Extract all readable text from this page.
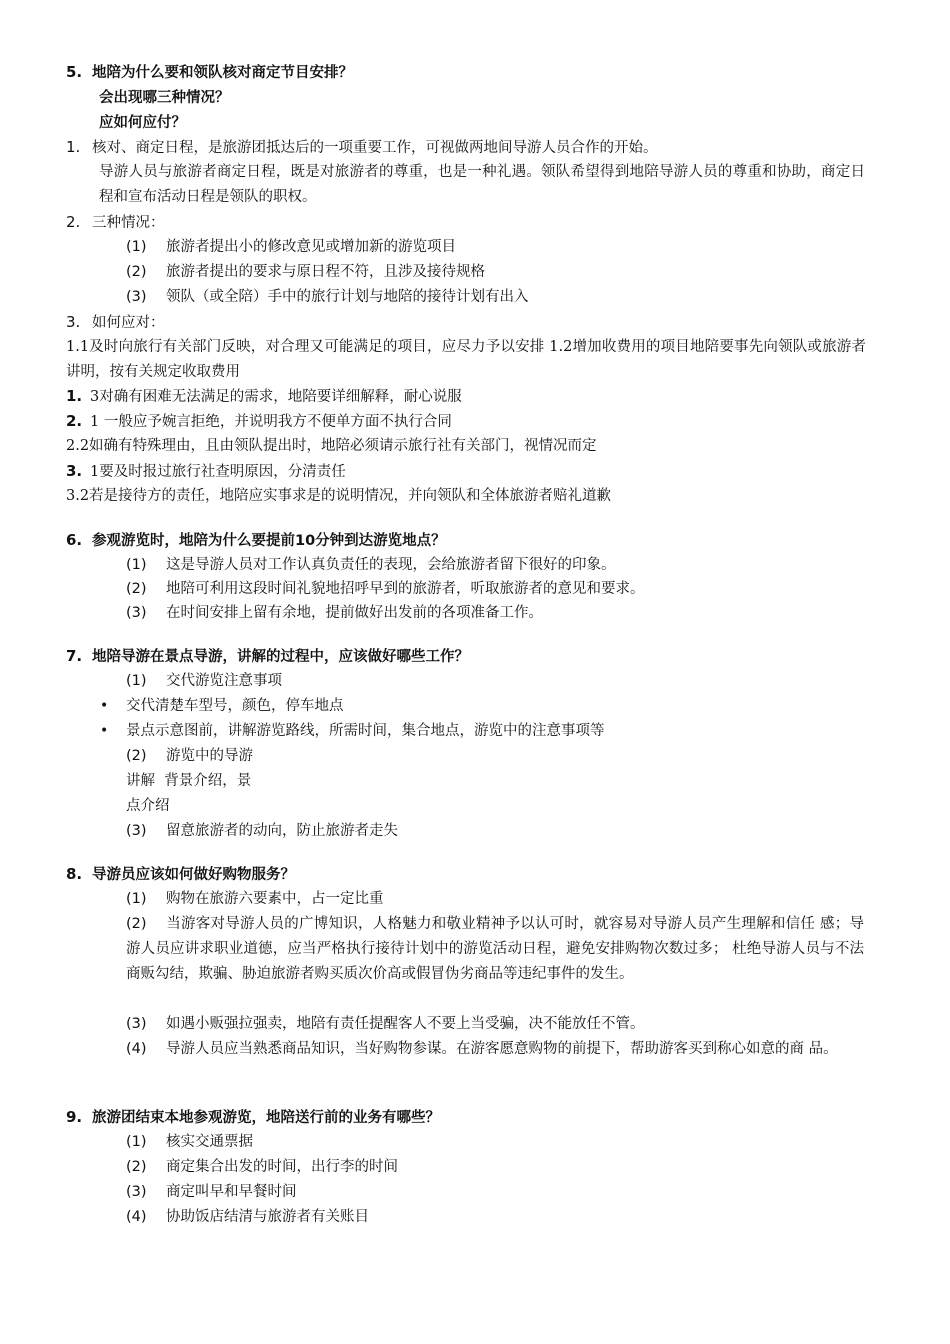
5. 地陪为什么要和领队核对商定节目安排？
会出现哪三种情况？
应如何应付？
1. 核对、商定日程，是旅游团抵达后的一项重要工作，可视做两地间导游人员合作的开始。
导游人员与旅游者商定日程，既是对旅游者的尊重，也是一种礼遇。领队希望得到地陪导游人员的尊重和协助，商定日程和宣布活动日程是领队的职权。
2. 三种情况：
(1) 旅游者提出小的修改意见或增加新的游览项目
(2) 旅游者提出的要求与原日程不符，且涉及接待规格
(3) 领队（或全陪）手中的旅行计划与地陪的接待计划有出入
3. 如何应对：
1.1及时向旅行有关部门反映，对合理又可能满足的项目，应尽力予以安排 1.2增加收费用的项目地陪要事先向领队或旅游者讲明，按有关规定收取费用
1. 3对确有困难无法满足的需求，地陪要详细解释，耐心说服
2. 1 一般应予婉言拒绝，并说明我方不便单方面不执行合同
2.2如确有特殊理由，且由领队提出时，地陪必须请示旅行社有关部门，视情况而定
3. 1要及时报过旅行社查明原因，分清责任
3.2若是接待方的责任，地陪应实事求是的说明情况，并向领队和全体旅游者赔礼道歉
6. 参观游览时，地陪为什么要提前10分钟到达游览地点？
(1) 这是导游人员对工作认真负责任的表现，会给旅游者留下很好的印象。
(2) 地陪可利用这段时间礼貌地招呼早到的旅游者，听取旅游者的意见和要求。
(3) 在时间安排上留有余地，提前做好出发前的各项准备工作。
7. 地陪导游在景点导游，讲解的过程中，应该做好哪些工作？
(1) 交代游览注意事项
• 交代清楚车型号，颜色，停车地点
• 景点示意图前，讲解游览路线，所需时间，集合地点，游览中的注意事项等
(2) 游览中的导游
讲解  背景介绍，景
点介绍
(3) 留意旅游者的动向，防止旅游者走失
8. 导游员应该如何做好购物服务？
(1) 购物在旅游六要素中，占一定比重
(2) 当游客对导游人员的广博知识，人格魅力和敬业精神予以认可时，就容易对导游人员产生理解和信任 感；导游人员应讲求职业道德，应当严格执行接待计划中的游览活动日程，避免安排购物次数过多； 杜绝导游人员与不法商贩勾结，欺骗、胁迫旅游者购买质次价高或假冒伪劣商品等违纪事件的发生。
(3) 如遇小贩强拉强卖，地陪有责任提醒客人不要上当受骗，决不能放任不管。
(4) 导游人员应当熟悉商品知识，当好购物参谋。在游客愿意购物的前提下，帮助游客买到称心如意的商 品。
9. 旅游团结束本地参观游览，地陪送行前的业务有哪些？
(1) 核实交通票据
(2) 商定集合出发的时间，出行李的时间
(3) 商定叫早和早餐时间
(4) 协助饭店结清与旅游者有关账目
